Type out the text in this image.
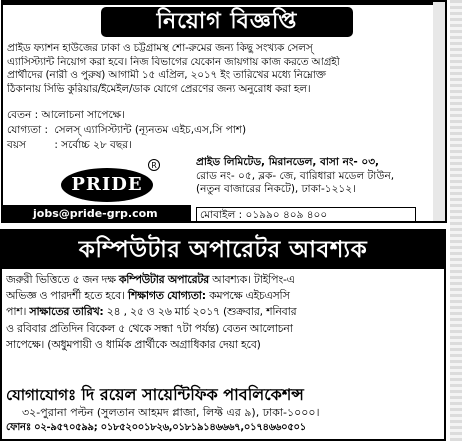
নিয়োগ বিজ্ঞপ্তি

প্রাইড ফ্যাশন হাউজের ঢাকা ও চট্টগ্রামস্থ শো-রুমের জন্য কিছু সংখ্যক সেলস্

এ্যাসিস্ট্যান্ট নিয়োগ করা হবে। নিজ বিভাগের যেকোন জায়গায় কাজ করতে আগ্রহী

প্রার্থীদের (নারী ও পুরুষ) আগামী ১৫ এপ্রিল, ২০১৭ ইং তারিখের মধ্যে নিম্নোক্ত

ঠিকানায় সিভি কুরিয়ার/ইমেইল/ডাক যোগে প্রেরণের জন্য অনুরোধ করা হল।

বেতন : আলোচনা সাপেক্ষে।
যোগ্যতা : সেলস্ এ্যাসিস্ট্যান্ট (ন্যূনতম এইচ,এস,সি পাশ)
বয়স	: সর্বোচ্চ ২৮ বছর।
PRIDE
R
jobs@pride-grp.com

প্রাইড লিমিটেড, মিরানডেল, বাসা নং- ০৩,

রোড নং- ০৫, ব্লক- জে, বারিধারা মডেল টাউন,

(নতুন বাজারের নিকটে), ঢাকা-১২১২।

মোবাইল : ০১৯৯০ ৪০৯ ৪০০
কম্পিউটার অপারেটর আবশ্যক

জরুরী ভিত্তিতে ৫ জন দক্ষ কম্পিউটার অপারেটর আবশ্যক। টাইপিং-এ

অভিজ্ঞ ও পারদর্শী হতে হবে। শিক্ষাগত যোগ্যতা: কমপক্ষে এইচএসসি

পাশ। সাক্ষাতের তারিখ: ২৪ , ২৫ ও ২৬ মার্চ ২০১৭ (শুক্রবার, শনিবার

ও রবিবার প্রতিদিন বিকেল ৫ থেকে সন্ধা ৭টা পর্যন্ত) বেতন আলোচনা

সাপেক্ষে। (অধুমপায়ী ও ধার্মিক প্রার্থীকে অগ্রাধিকার দেয়া হবে)

যোগাযোগঃ দি রয়েল সায়েন্টিফিক পাবলিকেশন্স
৩২-পুরানা পল্টন (সুলতান আহমদ প্লাজা, লিফ্ট এর ৯), ঢাকা-১০০০।
ফোনঃ ০২-৯৫৭০৫৯৯; ০১৮৫২০০১৮২৬,০১৮১৯১৪৬৬৬৭,০১৭৪৬৬০৫০১
